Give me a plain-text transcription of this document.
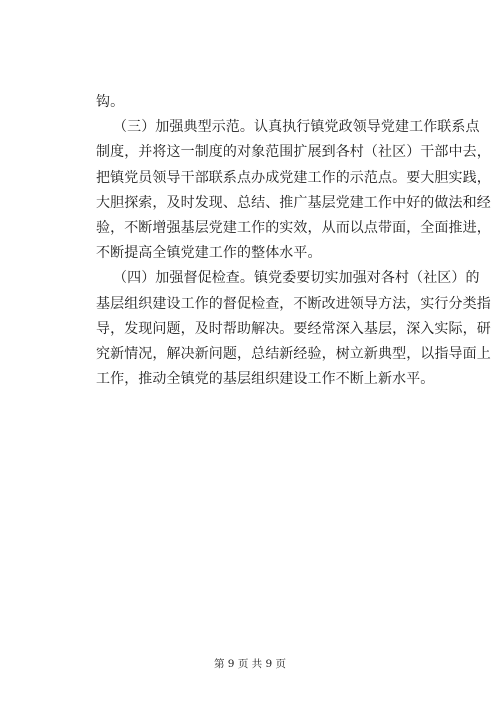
钩。
（三）加强典型示范。认真执行镇党政领导党建工作联系点
制度，并将这一制度的对象范围扩展到各村（社区）干部中去，
把镇党员领导干部联系点办成党建工作的示范点。要大胆实践，
大胆探索，及时发现、总结、推广基层党建工作中好的做法和经
验，不断增强基层党建工作的实效，从而以点带面，全面推进，
不断提高全镇党建工作的整体水平。
（四）加强督促检查。镇党委要切实加强对各村（社区）的
基层组织建设工作的督促检查，不断改进领导方法，实行分类指
导，发现问题，及时帮助解决。要经常深入基层，深入实际，研
究新情况，解决新问题，总结新经验，树立新典型，以指导面上
工作，推动全镇党的基层组织建设工作不断上新水平。
第 9 页 共 9 页
